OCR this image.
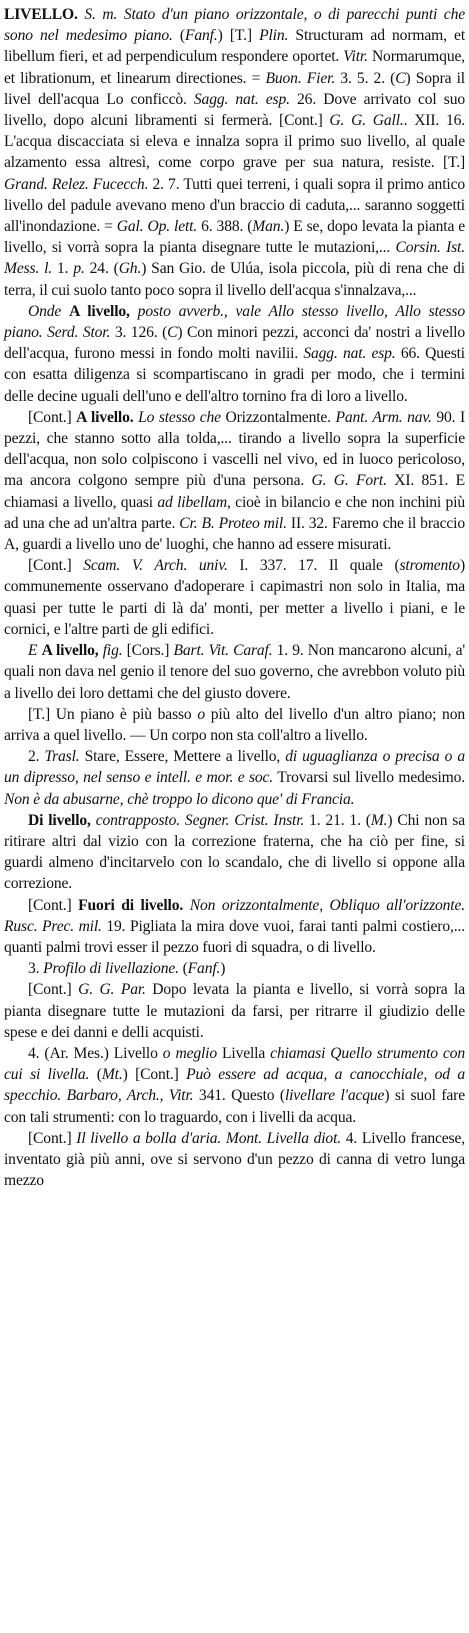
LIVELLO. S. m. Stato d'un piano orizzontale, o di parecchi punti che sono nel medesimo piano. (Fanf.) [T.] Plin. Structuram ad normam, et libellum fieri, et ad perpendiculum respondere oportet. Vitr. Normarumque, et librationum, et linearum directiones. = Buon. Fier. 3. 5. 2. (C) Sopra il livel dell'acqua Lo conficcò. Sagg. nat. esp. 26. Dove arrivato col suo livello, dopo alcuni libramenti si fermerà. [Cont.] G. G. Gall.. XII. 16. L'acqua discacciata si eleva e innalza sopra il primo suo livello, al quale alzamento essa altresì, come corpo grave per sua natura, resiste. [T.] Grand. Relez. Fucecch. 2. 7. Tutti quei terreni, i quali sopra il primo antico livello del padule avevano meno d'un braccio di caduta,... saranno soggetti all'inondazione. = Gal. Op. lett. 6. 388. (Man.) E se, dopo levata la pianta e livello, si vorrà sopra la pianta disegnare tutte le mutazioni,... Corsin. Ist. Mess. l. 1. p. 24. (Gh.) San Gio. de Ulúa, isola piccola, più di rena che di terra, il cui suolo tanto poco sopra il livello dell'acqua s'innalzava,...

Onde A livello, posto avverb., vale Allo stesso livello, Allo stesso piano. Serd. Stor. 3. 126. (C) Con minori pezzi, acconci da' nostri a livello dell'acqua, furono messi in fondo molti navilii. Sagg. nat. esp. 66. Questi con esatta diligenza si scompartiscano in gradi per modo, che i termini delle decine uguali dell'uno e dell'altro tornino fra di loro a livello.

[Cont.] A livello. Lo stesso che Orizzontalmente. Pant. Arm. nav. 90. I pezzi, che stanno sotto alla tolda,... tirando a livello sopra la superficie dell'acqua, non solo colpiscono i vascelli nel vivo, ed in luoco pericoloso, ma ancora colgono sempre più d'una persona. G. G. Fort. XI. 851. E chiamasi a livello, quasi ad libellam, cioè in bilancio e che non inchini più ad una che ad un'altra parte. Cr. B. Proteo mil. II. 32. Faremo che il braccio A, guardi a livello uno de' luoghi, che hanno ad essere misurati.

[Cont.] Scam. V. Arch. univ. I. 337. 17. Il quale (stromento) communemente osservano d'adoperare i capimastri non solo in Italia, ma quasi per tutte le parti di là da' monti, per metter a livello i piani, e le cornici, e l'altre parti de gli edifici.

E A livello, fig. [Cors.] Bart. Vit. Caraf. 1. 9. Non mancarono alcuni, a' quali non dava nel genio il tenore del suo governo, che avrebbon voluto più a livello dei loro dettami che del giusto dovere.

[T.] Un piano è più basso o più alto del livello d'un altro piano; non arriva a quel livello. — Un corpo non sta coll'altro a livello.

2. Trasl. Stare, Essere, Mettere a livello, di uguaglianza o precisa o a un dipresso, nel senso e intell. e mor. e soc. Trovarsi sul livello medesimo. Non è da abusarne, chè troppo lo dicono que' di Francia.

Di livello, contrapposto. Segner. Crist. Instr. 1. 21. 1. (M.) Chi non sa ritirare altri dal vizio con la correzione fraterna, che ha ciò per fine, si guardi almeno d'incitarvelo con lo scandalo, che di livello si oppone alla correzione.

[Cont.] Fuori di livello. Non orizzontalmente, Obliquo all'orizzonte. Rusc. Prec. mil. 19. Pigliata la mira dove vuoi, farai tanti palmi costiero,... quanti palmi trovi esser il pezzo fuori di squadra, o di livello.

3. Profilo di livellazione. (Fanf.)

[Cont.] G. G. Par. Dopo levata la pianta e livello, si vorrà sopra la pianta disegnare tutte le mutazioni da farsi, per ritrarre il giudizio delle spese e dei danni e delli acquisti.

4. (Ar. Mes.) Livello o meglio Livella chiamasi Quello strumento con cui si livella. (Mt.) [Cont.] Può essere ad acqua, a canocchiale, od a specchio. Barbaro, Arch., Vitr. 341. Questo (livellare l'acque) si suol fare con tali strumenti: con lo traguardo, con i livelli da acqua.

[Cont.] Il livello a bolla d'aria. Mont. Livella diot. 4. Livello francese, inventato già più anni, ove si servono d'un pezzo di canna di vetro lunga mezzo
